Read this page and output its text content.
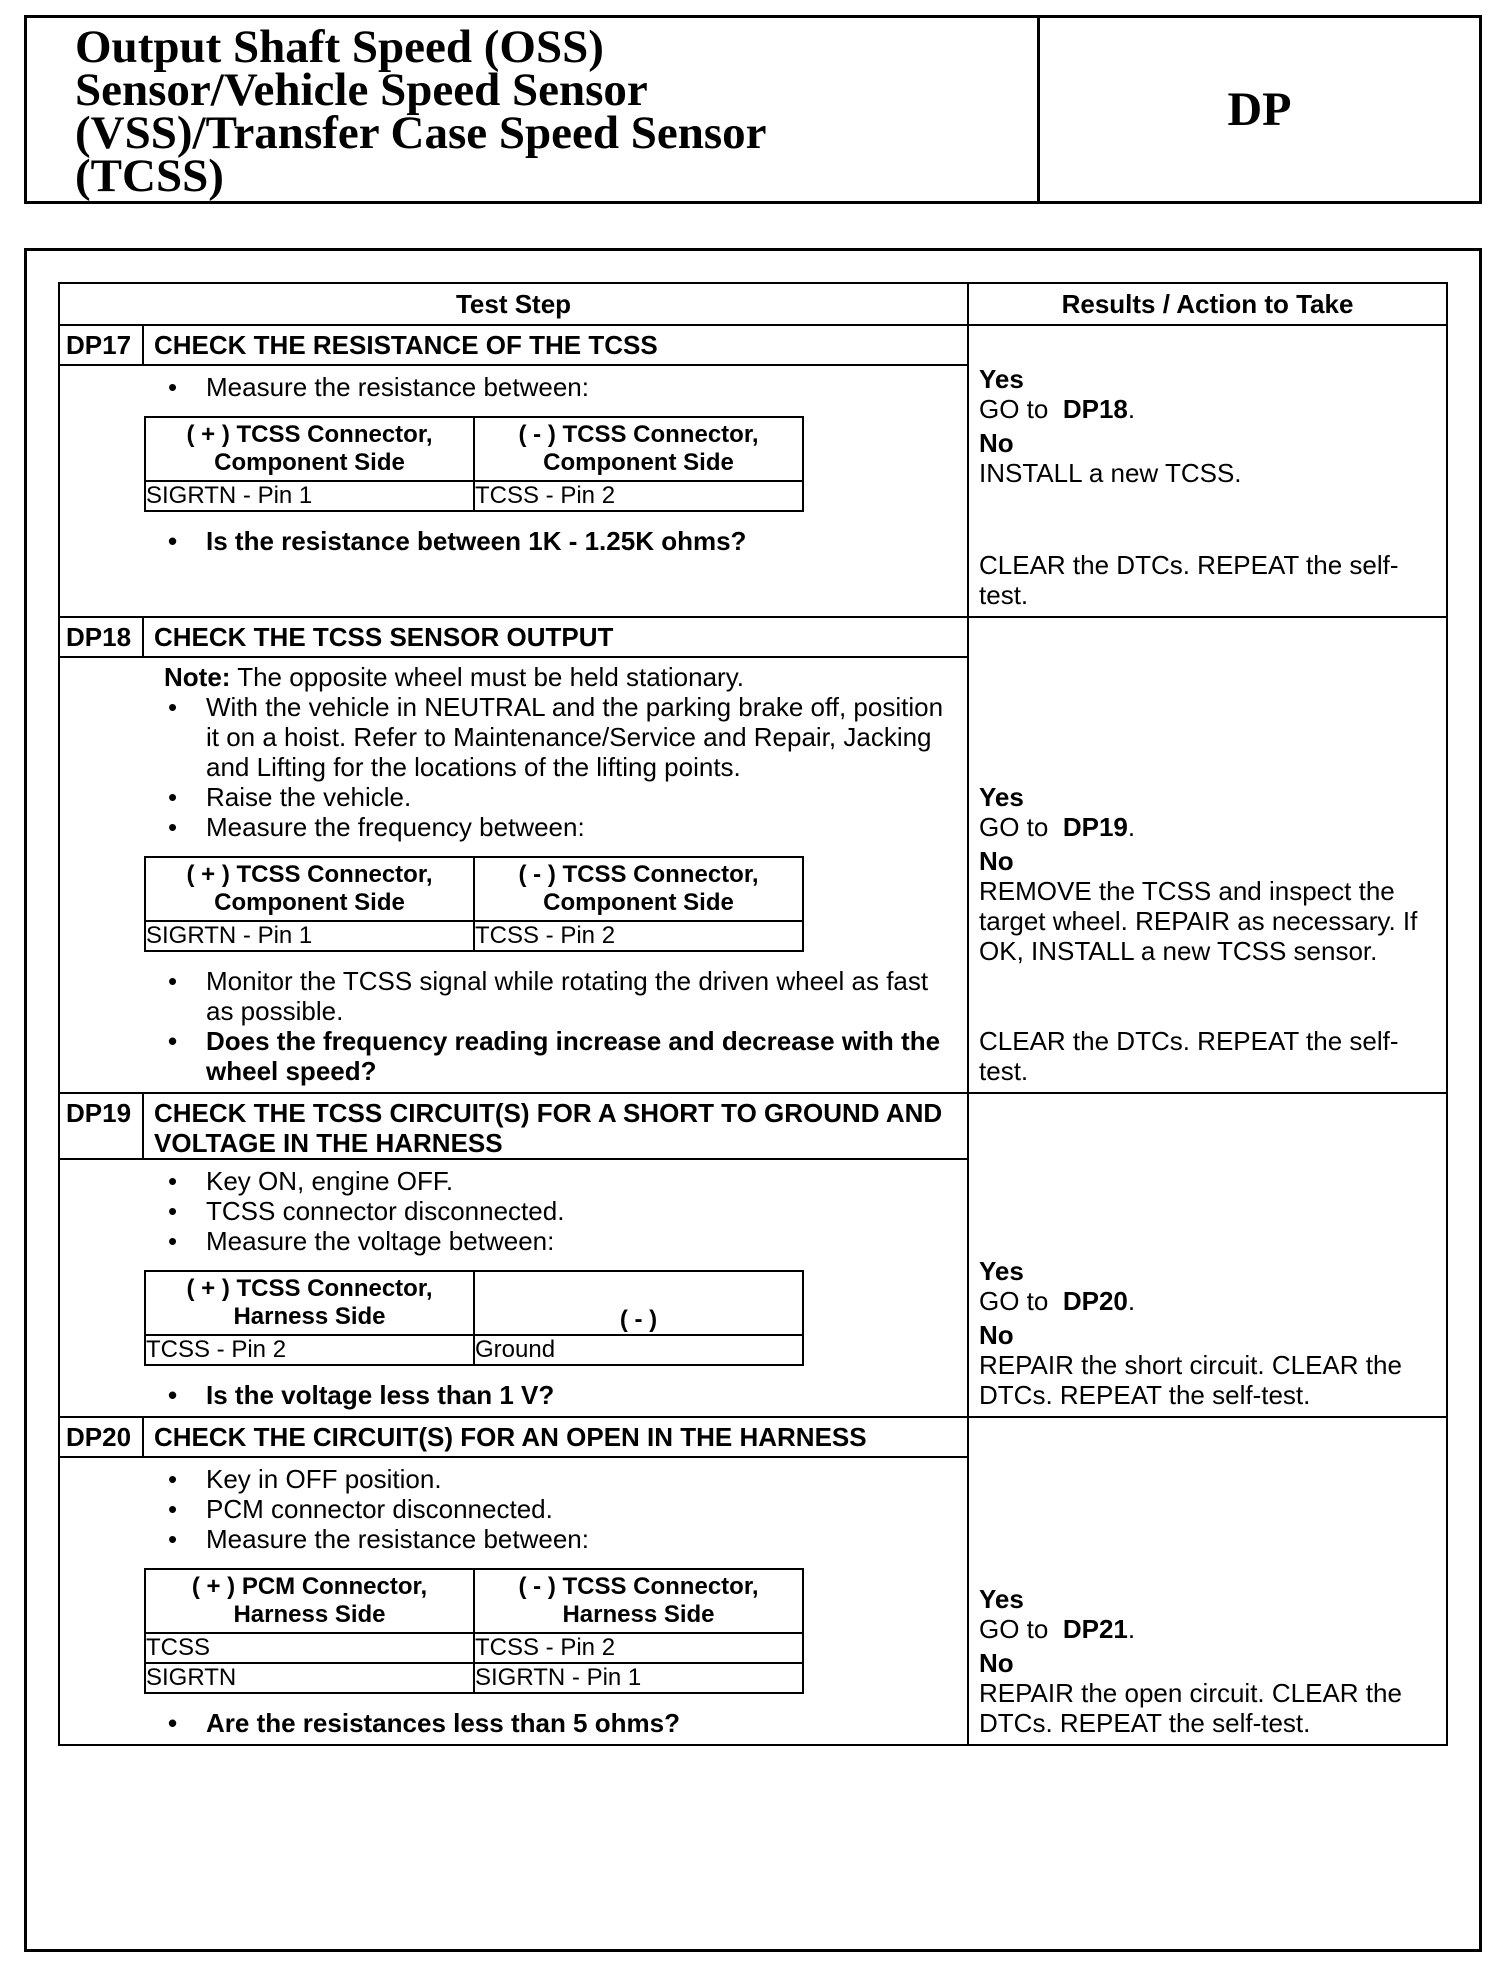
Output Shaft Speed (OSS)
Sensor/Vehicle Speed Sensor
(VSS)/Transfer Case Speed Sensor
(TCSS)
DP
Test Step	Results / Action to Take
DP17	CHECK THE RESISTANCE OF THE TCSS	
Yes
GO to DP18.
No
INSTALL a new TCSS.
CLEAR the DTCs. REPEAT the self-test.

• Measure the resistance between:
( + ) TCSS Connector, Component Side	( - ) TCSS Connector, Component Side
SIGRTN - Pin 1	TCSS - Pin 2
• Is the resistance between 1K - 1.25K ohms?

DP18	CHECK THE TCSS SENSOR OUTPUT	
Yes
GO to DP19.
No
REMOVE the TCSS and inspect the target wheel. REPAIR as necessary. If OK, INSTALL a new TCSS sensor.
CLEAR the DTCs. REPEAT the self-test.

Note: The opposite wheel must be held stationary.
• With the vehicle in NEUTRAL and the parking brake off, position it on a hoist. Refer to Maintenance/Service and Repair, Jacking and Lifting for the locations of the lifting points.
• Raise the vehicle.
• Measure the frequency between:
( + ) TCSS Connector, Component Side	( - ) TCSS Connector, Component Side
SIGRTN - Pin 1	TCSS - Pin 2
• Monitor the TCSS signal while rotating the driven wheel as fast as possible.
• Does the frequency reading increase and decrease with the wheel speed?

DP19	CHECK THE TCSS CIRCUIT(S) FOR A SHORT TO GROUND AND VOLTAGE IN THE HARNESS	
Yes
GO to DP20.
No
REPAIR the short circuit. CLEAR the DTCs. REPEAT the self-test.

• Key ON, engine OFF.
• TCSS connector disconnected.
• Measure the voltage between:
( + ) TCSS Connector, Harness Side	( - )
TCSS - Pin 2	Ground
• Is the voltage less than 1 V?

DP20	CHECK THE CIRCUIT(S) FOR AN OPEN IN THE HARNESS	
Yes
GO to DP21.
No
REPAIR the open circuit. CLEAR the DTCs. REPEAT the self-test.

• Key in OFF position.
• PCM connector disconnected.
• Measure the resistance between:
( + ) PCM Connector, Harness Side	( - ) TCSS Connector, Harness Side
TCSS	TCSS - Pin 2
SIGRTN	SIGRTN - Pin 1
• Are the resistances less than 5 ohms?
